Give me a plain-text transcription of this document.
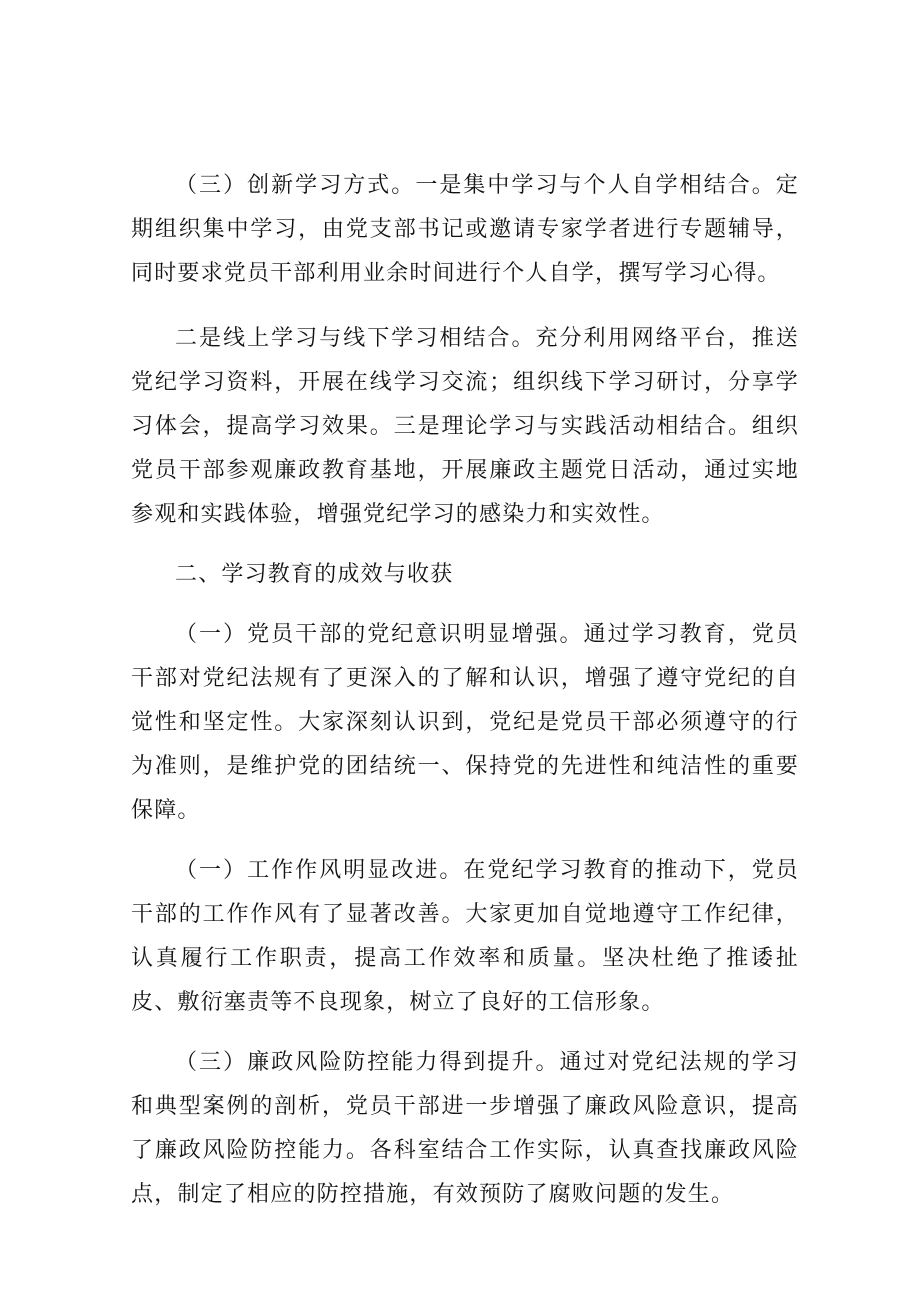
（三）创新学习方式。一是集中学习与个人自学相结合。定期组织集中学习，由党支部书记或邀请专家学者进行专题辅导，同时要求党员干部利用业余时间进行个人自学，撰写学习心得。

二是线上学习与线下学习相结合。充分利用网络平台，推送党纪学习资料，开展在线学习交流；组织线下学习研讨，分享学习体会，提高学习效果。三是理论学习与实践活动相结合。组织党员干部参观廉政教育基地，开展廉政主题党日活动，通过实地参观和实践体验，增强党纪学习的感染力和实效性。

二、学习教育的成效与收获

（一）党员干部的党纪意识明显增强。通过学习教育，党员干部对党纪法规有了更深入的了解和认识，增强了遵守党纪的自觉性和坚定性。大家深刻认识到，党纪是党员干部必须遵守的行为准则，是维护党的团结统一、保持党的先进性和纯洁性的重要保障。

（一）工作作风明显改进。在党纪学习教育的推动下，党员干部的工作作风有了显著改善。大家更加自觉地遵守工作纪律，认真履行工作职责，提高工作效率和质量。坚决杜绝了推诿扯皮、敷衍塞责等不良现象，树立了良好的工信形象。

（三）廉政风险防控能力得到提升。通过对党纪法规的学习和典型案例的剖析，党员干部进一步增强了廉政风险意识，提高了廉政风险防控能力。各科室结合工作实际，认真查找廉政风险点，制定了相应的防控措施，有效预防了腐败问题的发生。
